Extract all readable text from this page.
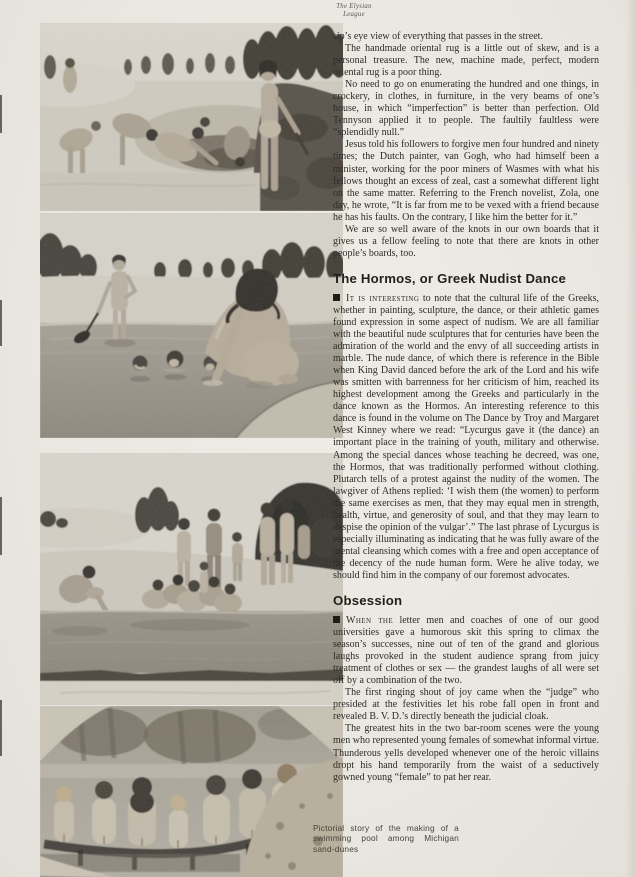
The Elysian
League

sip’s eye view of everything that passes in the street.

The handmade oriental rug is a little out of skew, and is a personal treasure. The new, machine made, perfect, modern oriental rug is a poor thing.

No need to go on enumerating the hundred and one things, in crockery, in clothes, in furniture, in the very beams of one’s house, in which “imperfection” is better than perfection. Old Tennyson applied it to people. The faultily faultless were “splendidly null.”

Jesus told his followers to forgive men four hundred and ninety times; the Dutch painter, van Gogh, who had himself been a minister, working for the poor miners of Wasmes with what his fellows thought an excess of zeal, cast a somewhat different light on the same matter. Referring to the French novelist, Zola, one day, he wrote, “It is far from me to be vexed with a friend because he has his faults. On the contrary, I like him the better for it.”

We are so well aware of the knots in our own boards that it gives us a fellow feeling to note that there are knots in other people’s boards, too.

The Hormos, or Greek Nudist Dance

It is interesting to note that the cultural life of the Greeks, whether in painting, sculpture, the dance, or their athletic games found expression in some aspect of nudism. We are all familiar with the beautiful nude sculptures that for centuries have been the admiration of the world and the envy of all succeeding artists in marble. The nude dance, of which there is reference in the Bible when King David danced before the ark of the Lord and his wife was smitten with barrenness for her criticism of him, reached its highest development among the Greeks and particularly in the dance known as the Hormos. An interesting reference to this dance is found in the volume on The Dance by Troy and Margaret West Kinney where we read: “Lycurgus gave it (the dance) an important place in the training of youth, military and otherwise. Among the special dances whose teaching he decreed, was one, the Hormos, that was traditionally performed without clothing. Plutarch tells of a protest against the nudity of the women. The lawgiver of Athens replied: ‘I wish them (the women) to perform the same exercises as men, that they may equal men in strength, health, virtue, and generosity of soul, and that they may learn to despise the opinion of the vulgar’.” The last phrase of Lycurgus is especially illuminating as indicating that he was fully aware of the mental cleansing which comes with a free and open acceptance of the decency of the nude human form. Were he alive today, we should find him in the company of our foremost advocates.

Obsession

When the letter men and coaches of one of our good universities gave a humorous skit this spring to climax the season’s successes, nine out of ten of the grand and glorious laughs provoked in the student audience sprang from juicy treatment of clothes or sex — the grandest laughs of all were set off by a combination of the two.

The first ringing shout of joy came when the “judge” who presided at the festivities let his robe fall open in front and revealed B. V. D.’s directly beneath the judicial cloak.

The greatest hits in the two bar-room scenes were the young men who represented young females of somewhat informal virtue. Thunderous yells developed whenever one of the heroic villains dropt his hand temporarily from the waist of a seductively gowned young “female” to pat her rear.

Pictorial story of the making of a swimming pool among Michigan sand-dunes
